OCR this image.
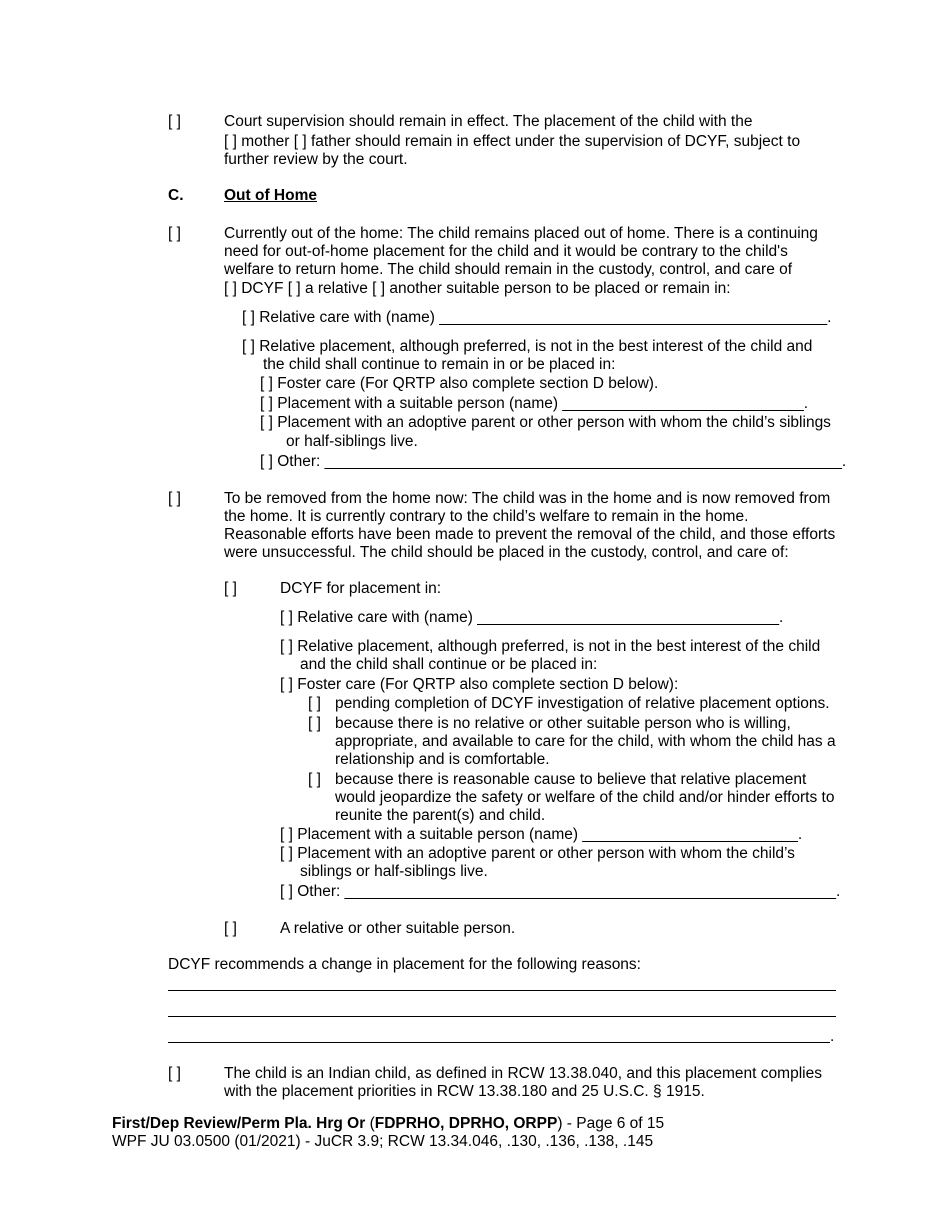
[ ]	Court supervision should remain in effect. The placement of the child with the
[ ] mother [ ] father should remain in effect under the supervision of DCYF, subject to
further review by the court.
C.	Out of Home
[ ]	Currently out of the home: The child remains placed out of home. There is a continuing
need for out-of-home placement for the child and it would be contrary to the child's
welfare to return home. The child should remain in the custody, control, and care of
[ ] DCYF [ ] a relative [ ] another suitable person to be placed or remain in:
[ ] Relative care with (name) _____________________________________________.
[ ] Relative placement, although preferred, is not in the best interest of the child and
the child shall continue to remain in or be placed in:
[ ] Foster care (For QRTP also complete section D below).
[ ] Placement with a suitable person (name) ____________________________.
[ ] Placement with an adoptive parent or other person with whom the child’s siblings
or half-siblings live.
[ ] Other: ____________________________________________________________.
[ ]	To be removed from the home now: The child was in the home and is now removed from
the home. It is currently contrary to the child’s welfare to remain in the home.
Reasonable efforts have been made to prevent the removal of the child, and those efforts
were unsuccessful. The child should be placed in the custody, control, and care of:
[ ]	DCYF for placement in:
[ ] Relative care with (name) ___________________________________.
[ ] Relative placement, although preferred, is not in the best interest of the child
and the child shall continue or be placed in:
[ ] Foster care (For QRTP also complete section D below):
[ ] pending completion of DCYF investigation of relative placement options.
[ ] because there is no relative or other suitable person who is willing,
appropriate, and available to care for the child, with whom the child has a
relationship and is comfortable.
[ ] because there is reasonable cause to believe that relative placement
would jeopardize the safety or welfare of the child and/or hinder efforts to
reunite the parent(s) and child.
[ ] Placement with a suitable person (name) _________________________.
[ ] Placement with an adoptive parent or other person with whom the child’s
siblings or half-siblings live.
[ ] Other: _________________________________________________________.
[ ]	A relative or other suitable person.
DCYF recommends a change in placement for the following reasons:
.
[ ]	The child is an Indian child, as defined in RCW 13.38.040, and this placement complies
with the placement priorities in RCW 13.38.180 and 25 U.S.C. § 1915.
First/Dep Review/Perm Pla. Hrg Or (FDPRHO, DPRHO, ORPP) - Page 6 of 15
WPF JU 03.0500 (01/2021) - JuCR 3.9; RCW 13.34.046, .130, .136, .138, .145
